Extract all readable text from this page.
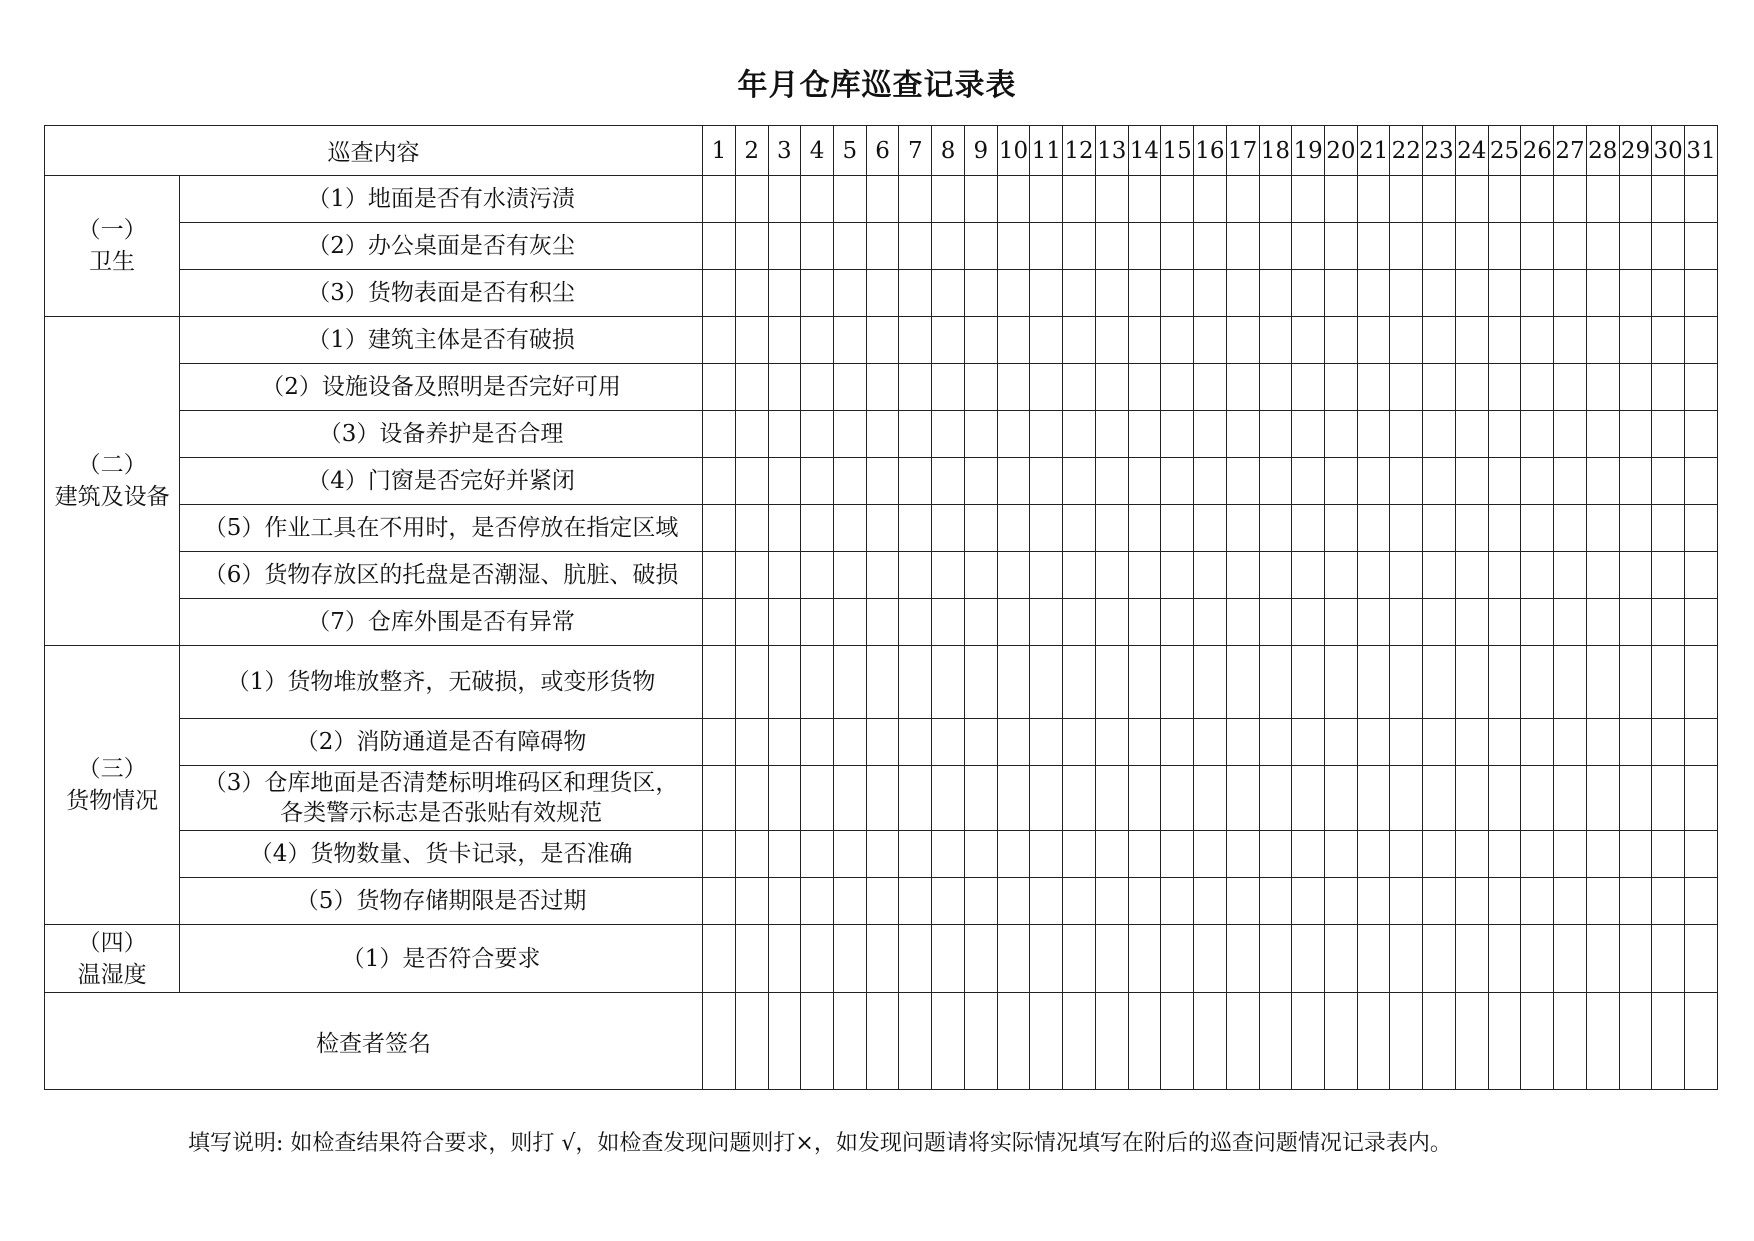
年月仓库巡查记录表
巡查内容		1	2	3	4	5	6	7	8	9	10	11	12	13	14	15	16	17	18	19	20	21	22	23	24	25	26	27	28	29	30	31

（一）
卫生	（1）地面是否有水渍污渍																															
	（2）办公桌面是否有灰尘																															
	（3）货物表面是否有积尘																															

（二）
建筑及设备	（1）建筑主体是否有破损																															
	（2）设施设备及照明是否完好可用																															
	（3）设备养护是否合理																															
	（4）门窗是否完好并紧闭																															
	（5）作业工具在不用时，是否停放在指定区域																															
	（6）货物存放区的托盘是否潮湿、肮脏、破损																															
	（7）仓库外围是否有异常																															

（三）
货物情况	（1）货物堆放整齐，无破损，或变形货物																															
	（2）消防通道是否有障碍物																															
	（3）仓库地面是否清楚标明堆码区和理货区，
各类警示标志是否张贴有效规范																															
	（4）货物数量、货卡记录，是否准确																															
	（5）货物存储期限是否过期																															

（四）
温湿度	（1）是否符合要求																															
检查者签名																																
填写说明: 如检查结果符合要求，则打 √，如检查发现问题则打×，如发现问题请将实际情况填写在附后的巡查问题情况记录表内。
